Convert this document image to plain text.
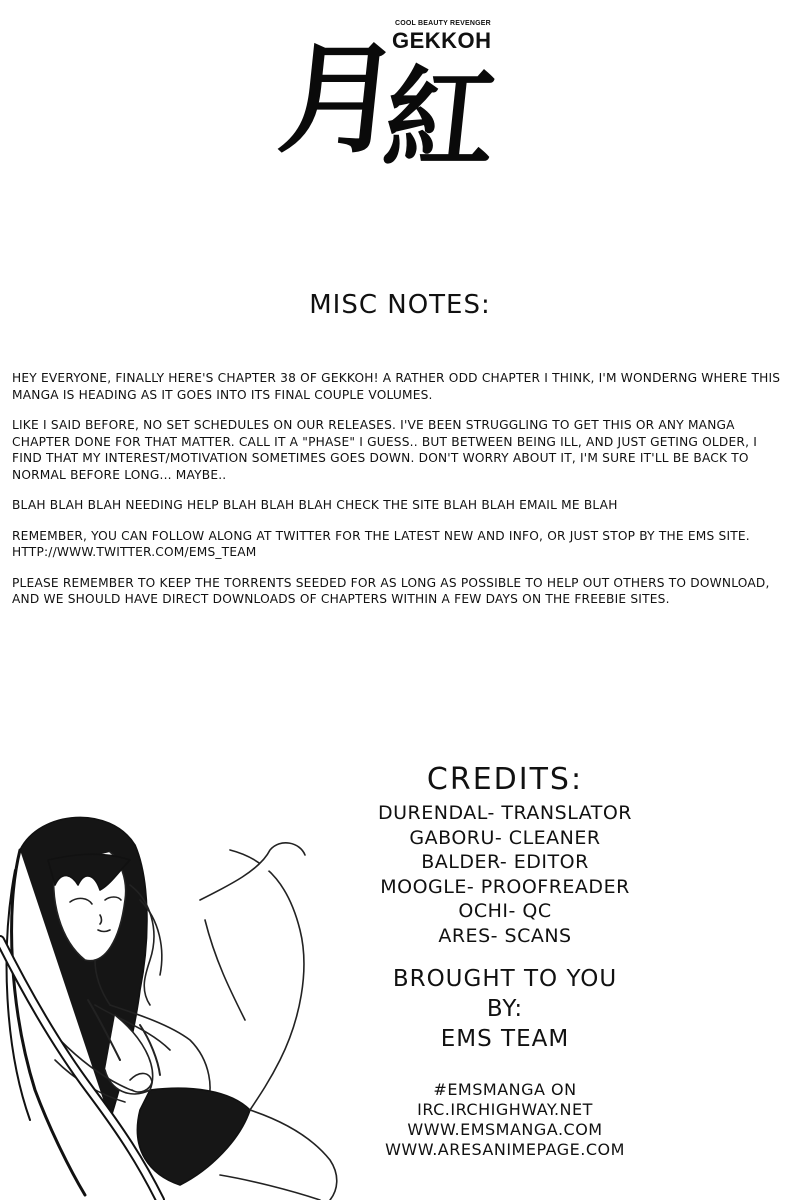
COOL BEAUTY REVENGER
GEKKOH
月
紅
MISC NOTES:

HEY EVERYONE, FINALLY HERE'S CHAPTER 38 OF GEKKOH! A RATHER ODD CHAPTER I THINK, I'M WONDERNG WHERE THIS MANGA IS HEADING AS IT GOES INTO ITS FINAL COUPLE VOLUMES.

LIKE I SAID BEFORE, NO SET SCHEDULES ON OUR RELEASES. I'VE BEEN STRUGGLING TO GET THIS OR ANY MANGA CHAPTER DONE FOR THAT MATTER. CALL IT A "PHASE" I GUESS.. BUT BETWEEN BEING ILL, AND JUST GETING OLDER, I FIND THAT MY INTEREST/MOTIVATION SOMETIMES GOES DOWN. DON'T WORRY ABOUT IT, I'M SURE IT'LL BE BACK TO NORMAL BEFORE LONG... MAYBE..

BLAH BLAH BLAH NEEDING HELP BLAH BLAH BLAH CHECK THE SITE BLAH BLAH EMAIL ME BLAH

REMEMBER, YOU CAN FOLLOW ALONG AT TWITTER FOR THE LATEST NEW AND INFO, OR JUST STOP BY THE EMS SITE. HTTP://WWW.TWITTER.COM/EMS_TEAM

PLEASE REMEMBER TO KEEP THE TORRENTS SEEDED FOR AS LONG AS POSSIBLE TO HELP OUT OTHERS TO DOWNLOAD, AND WE SHOULD HAVE DIRECT DOWNLOADS OF CHAPTERS WITHIN A FEW DAYS ON THE FREEBIE SITES.

CREDITS:
DURENDAL- TRANSLATOR
GABORU- CLEANER
BALDER- EDITOR
MOOGLE- PROOFREADER
OCHI- QC
ARES- SCANS
BROUGHT TO YOU
BY:
EMS TEAM
#EMSMANGA ON
IRC.IRCHIGHWAY.NET
WWW.EMSMANGA.COM
WWW.ARESANIMEPAGE.COM
